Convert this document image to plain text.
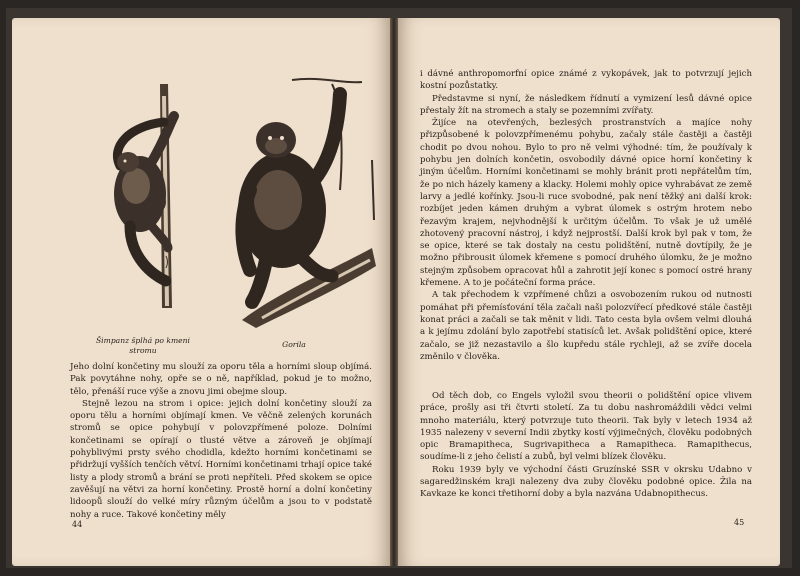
Šimpanz šplhá po kmeni stromu
Gorila

Jeho dolní končetiny mu slouží za oporu těla a horními sloup objímá. Pak povytáhne nohy, opře se o ně, například, pokud je to možno, tělo, přenáší ruce výše a znovu jimi obejme sloup.

Stejně lezou na strom i opice: jejich dolní končetiny slouží za oporu tělu a horními objímají kmen. Ve věčně zelených korunách stromů se opice pohybují v polovzpřímené poloze. Dolními končetinami se opírají o tlusté větve a zároveň je objímají pohyblivými prsty svého chodidla, kdežto horními končetinami se přidržují vyšších tenčích větví. Horními končetinami trhají opice také listy a plody stromů a brání se proti nepříteli. Před skokem se opice zavěšují na větvi za horní končetiny. Prostě horní a dolní končetiny lidoopů slouží do velké míry různým účelům a jsou to v podstatě nohy a ruce. Takové končetiny měly

44

i dávné anthropomorfní opice známé z vykopávek, jak to potvrzují jejich kostní pozůstatky.

Představme si nyní, že následkem řídnutí a vymizení lesů dávné opice přestaly žít na stromech a staly se pozemními zvířaty.

Žijíce na otevřených, bezlesých prostranstvích a majíce nohy přizpůsobené k polovzpřímenému pohybu, začaly stále častěji a častěji chodit po dvou nohou. Bylo to pro ně velmi výhodné: tím, že používaly k pohybu jen dolních končetin, osvobodily dávné opice horní končetiny k jiným účelům. Horními končetinami se mohly bránit proti nepřátelům tím, že po nich házely kameny a klacky. Holemi mohly opice vyhrabávat ze země larvy a jedlé kořínky. Jsou-li ruce svobodné, pak není těžký ani další krok: rozbíjet jeden kámen druhým a vybrat úlomek s ostrým hrotem nebo řezavým krajem, nejvhodnější k určitým účelům. To však je už umělé zhotovený pracovní nástroj, i když nejprostší. Další krok byl pak v tom, že se opice, které se tak dostaly na cestu polidštění, nutně dovtípily, že je možno přibrousit úlomek křemene s pomocí druhého úlomku, že je možno stejným způsobem opracovat hůl a zahrotit její konec s pomocí ostré hrany křemene. A to je počáteční forma práce.

A tak přechodem k vzpřímené chůzi a osvobozením rukou od nutnosti pomáhat při přemísťování těla začali naši polozvířecí předkové stále častěji konat práci a začali se tak měnit v lidi. Tato cesta byla ovšem velmi dlouhá a k jejímu zdolání bylo zapotřebí statisíců let. Avšak polidštění opice, které začalo, se již nezastavilo a šlo kupředu stále rychleji, až se zvíře docela změnilo v člověka.

Od těch dob, co Engels vyložil svou theorii o polidštění opice vlivem práce, prošly asi tři čtvrti století. Za tu dobu nashromáždili vědci velmi mnoho materiálu, který potvrzuje tuto theorii. Tak byly v letech 1934 až 1935 nalezeny v severní Indii zbytky kostí výjimečných, člověku podobných opic Bramapitheca, Sugrivapitheca a Ramapitheca. Ramapithecus, soudíme-li z jeho čelistí a zubů, byl velmi blízek člověku.

Roku 1939 byly ve východní části Gruzínské SSR v okrsku Udabno v sagaredžinském kraji nalezeny dva zuby člověku podobné opice. Žila na Kavkaze ke konci třetihorní doby a byla nazvána Udabnopithecus.

45
